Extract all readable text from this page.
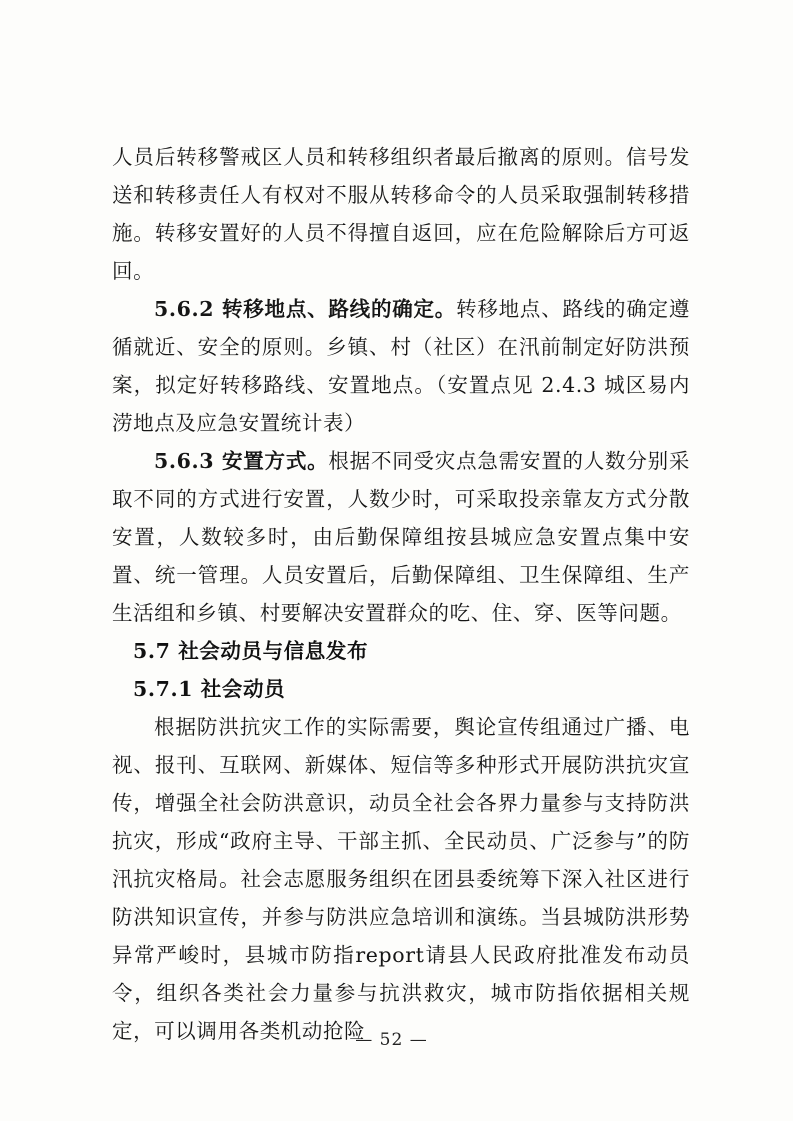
人员后转移警戒区人员和转移组织者最后撤离的原则。信号发送和转移责任人有权对不服从转移命令的人员采取强制转移措施。转移安置好的人员不得擅自返回，应在危险解除后方可返回。

5.6.2 转移地点、路线的确定。转移地点、路线的确定遵循就近、安全的原则。乡镇、村（社区）在汛前制定好防洪预案，拟定好转移路线、安置地点。（安置点见 2.4.3 城区易内涝地点及应急安置统计表）

5.6.3 安置方式。根据不同受灾点急需安置的人数分别采取不同的方式进行安置，人数少时，可采取投亲靠友方式分散安置，人数较多时，由后勤保障组按县城应急安置点集中安置、统一管理。人员安置后，后勤保障组、卫生保障组、生产生活组和乡镇、村要解决安置群众的吃、住、穿、医等问题。

5.7 社会动员与信息发布

5.7.1 社会动员

根据防洪抗灾工作的实际需要，舆论宣传组通过广播、电视、报刊、互联网、新媒体、短信等多种形式开展防洪抗灾宣传，增强全社会防洪意识，动员全社会各界力量参与支持防洪抗灾，形成“政府主导、干部主抓、全民动员、广泛参与”的防汛抗灾格局。社会志愿服务组织在团县委统筹下深入社区进行防洪知识宣传，并参与防洪应急培训和演练。当县城防洪形势异常严峻时，县城市防指report请县人民政府批准发布动员令，组织各类社会力量参与抗洪救灾，城市防指依据相关规定，可以调用各类机动抢险

— 52 —
